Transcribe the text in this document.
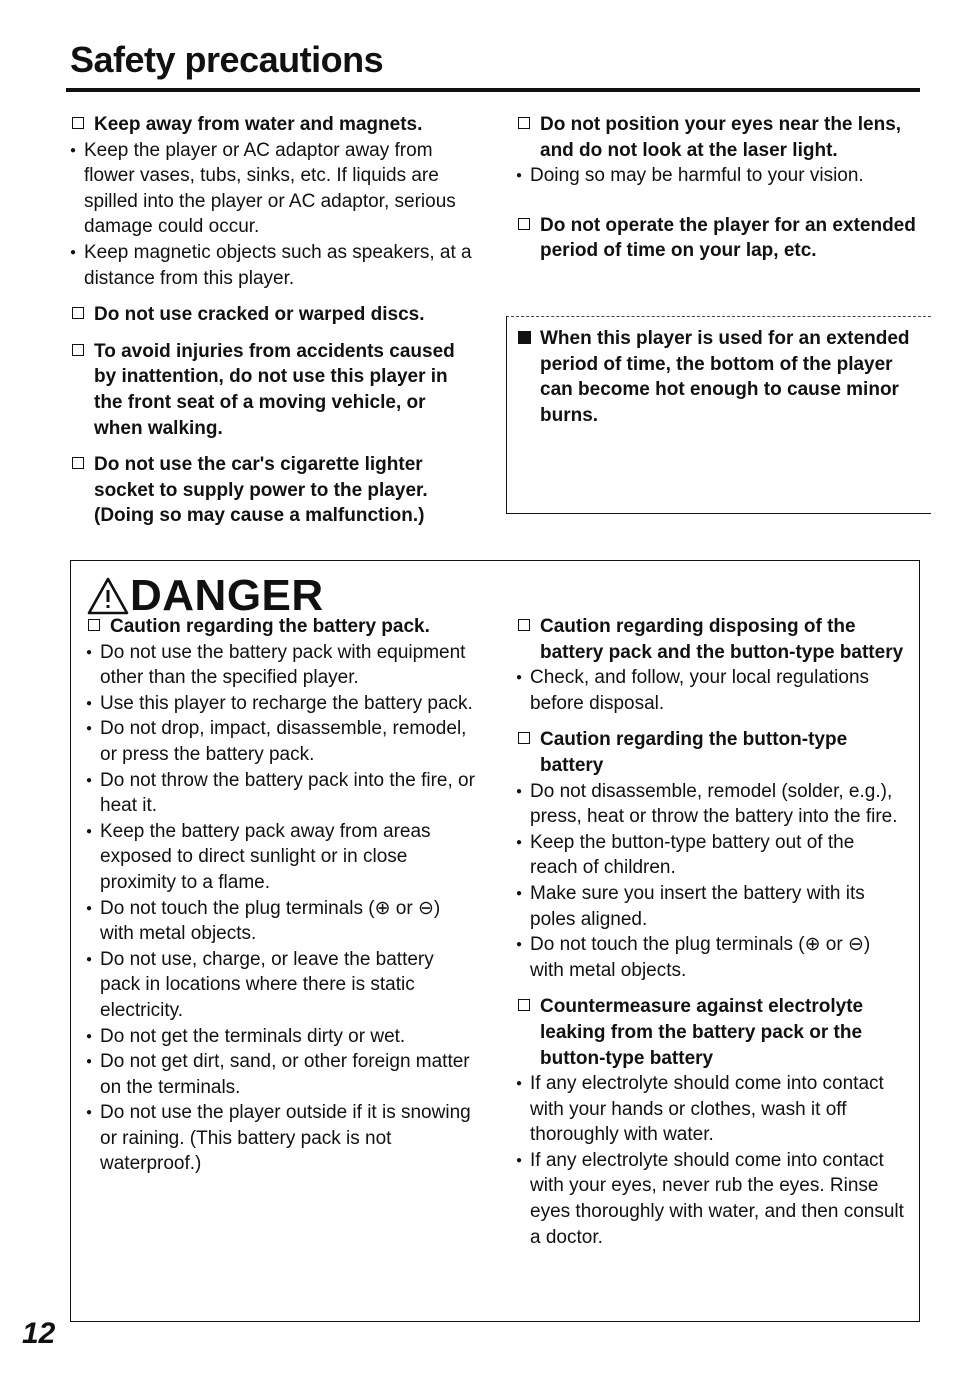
Safety precautions
Keep away from water and magnets.
● Keep the player or AC adaptor away from flower vases, tubs, sinks, etc. If liquids are spilled into the player or AC adaptor, serious damage could occur.
● Keep magnetic objects such as speakers, at a distance from this player.
Do not use cracked or warped discs.
To avoid injuries from accidents caused by inattention, do not use this player in the front seat of a moving vehicle, or when walking.
Do not use the car's cigarette lighter socket to supply power to the player. (Doing so may cause a malfunction.)
Do not position your eyes near the lens, and do not look at the laser light.
● Doing so may be harmful to your vision.
Do not operate the player for an extended period of time on your lap, etc.
When this player is used for an extended period of time, the bottom of the player can become hot enough to cause minor burns.
DANGER
Caution regarding the battery pack.
● Do not use the battery pack with equipment other than the specified player.
● Use this player to recharge the battery pack.
● Do not drop, impact, disassemble, remodel, or press the battery pack.
● Do not throw the battery pack into the fire, or heat it.
● Keep the battery pack away from areas exposed to direct sunlight or in close proximity to a flame.
● Do not touch the plug terminals (⊕ or ⊖) with metal objects.
● Do not use, charge, or leave the battery pack in locations where there is static electricity.
● Do not get the terminals dirty or wet.
● Do not get dirt, sand, or other foreign matter on the terminals.
● Do not use the player outside if it is snowing or raining. (This battery pack is not waterproof.)
Caution regarding disposing of the battery pack and the button-type battery
● Check, and follow, your local regulations before disposal.
Caution regarding the button-type battery
● Do not disassemble, remodel (solder, e.g.), press, heat or throw the battery into the fire.
● Keep the button-type battery out of the reach of children.
● Make sure you insert the battery with its poles aligned.
● Do not touch the plug terminals (⊕ or ⊖) with metal objects.
Countermeasure against electrolyte leaking from the battery pack or the button-type battery
● If any electrolyte should come into contact with your hands or clothes, wash it off thoroughly with water.
● If any electrolyte should come into contact with your eyes, never rub the eyes. Rinse eyes thoroughly with water, and then consult a doctor.
12
